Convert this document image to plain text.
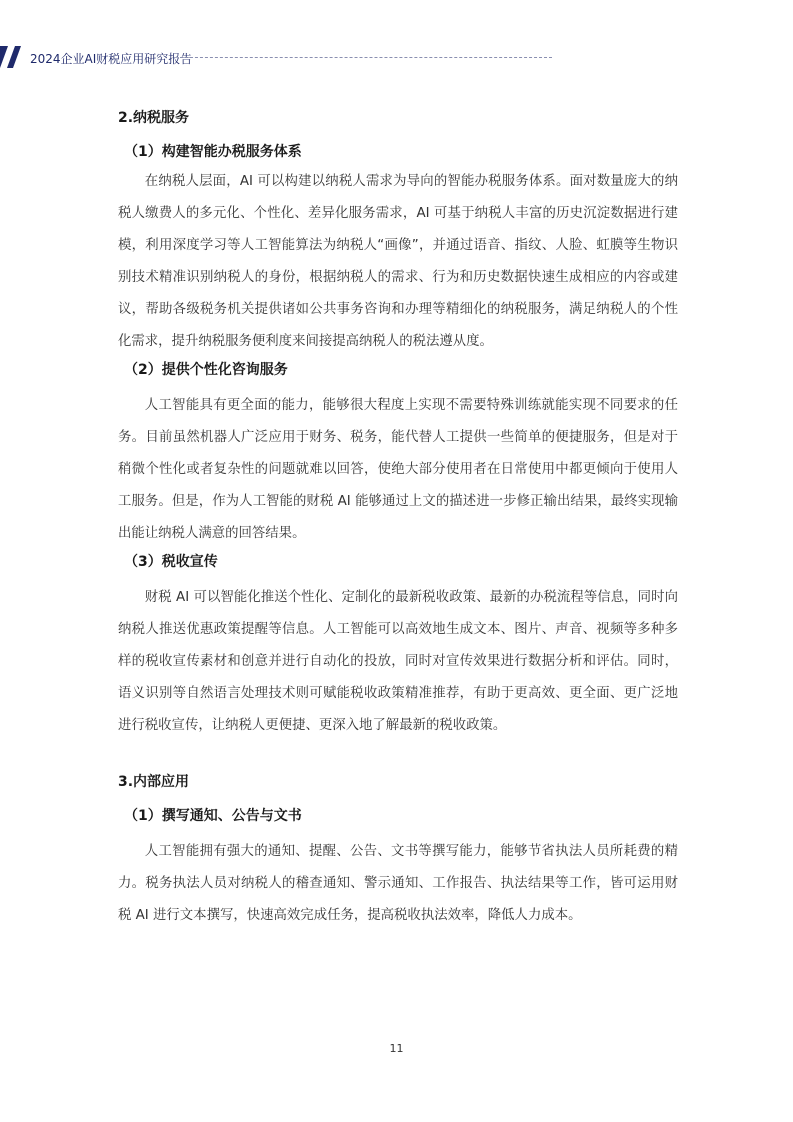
2024企业AI财税应用研究报告
2.纳税服务
（1）构建智能办税服务体系

在纳税人层面，AI 可以构建以纳税人需求为导向的智能办税服务体系。面对数量庞大的纳税人缴费人的多元化、个性化、差异化服务需求，AI 可基于纳税人丰富的历史沉淀数据进行建模，利用深度学习等人工智能算法为纳税人“画像”，并通过语音、指纹、人脸、虹膜等生物识别技术精准识别纳税人的身份，根据纳税人的需求、行为和历史数据快速生成相应的内容或建议，帮助各级税务机关提供诸如公共事务咨询和办理等精细化的纳税服务，满足纳税人的个性化需求，提升纳税服务便利度来间接提高纳税人的税法遵从度。

（2）提供个性化咨询服务

人工智能具有更全面的能力，能够很大程度上实现不需要特殊训练就能实现不同要求的任务。目前虽然机器人广泛应用于财务、税务，能代替人工提供一些简单的便捷服务，但是对于稍微个性化或者复杂性的问题就难以回答，使绝大部分使用者在日常使用中都更倾向于使用人工服务。但是，作为人工智能的财税 AI 能够通过上文的描述进一步修正输出结果，最终实现输出能让纳税人满意的回答结果。

（3）税收宣传

财税 AI 可以智能化推送个性化、定制化的最新税收政策、最新的办税流程等信息，同时向纳税人推送优惠政策提醒等信息。人工智能可以高效地生成文本、图片、声音、视频等多种多样的税收宣传素材和创意并进行自动化的投放，同时对宣传效果进行数据分析和评估。同时，语义识别等自然语言处理技术则可赋能税收政策精准推荐，有助于更高效、更全面、更广泛地进行税收宣传，让纳税人更便捷、更深入地了解最新的税收政策。

3.内部应用
（1）撰写通知、公告与文书

人工智能拥有强大的通知、提醒、公告、文书等撰写能力，能够节省执法人员所耗费的精力。税务执法人员对纳税人的稽查通知、警示通知、工作报告、执法结果等工作，皆可运用财税 AI 进行文本撰写，快速高效完成任务，提高税收执法效率，降低人力成本。

11
